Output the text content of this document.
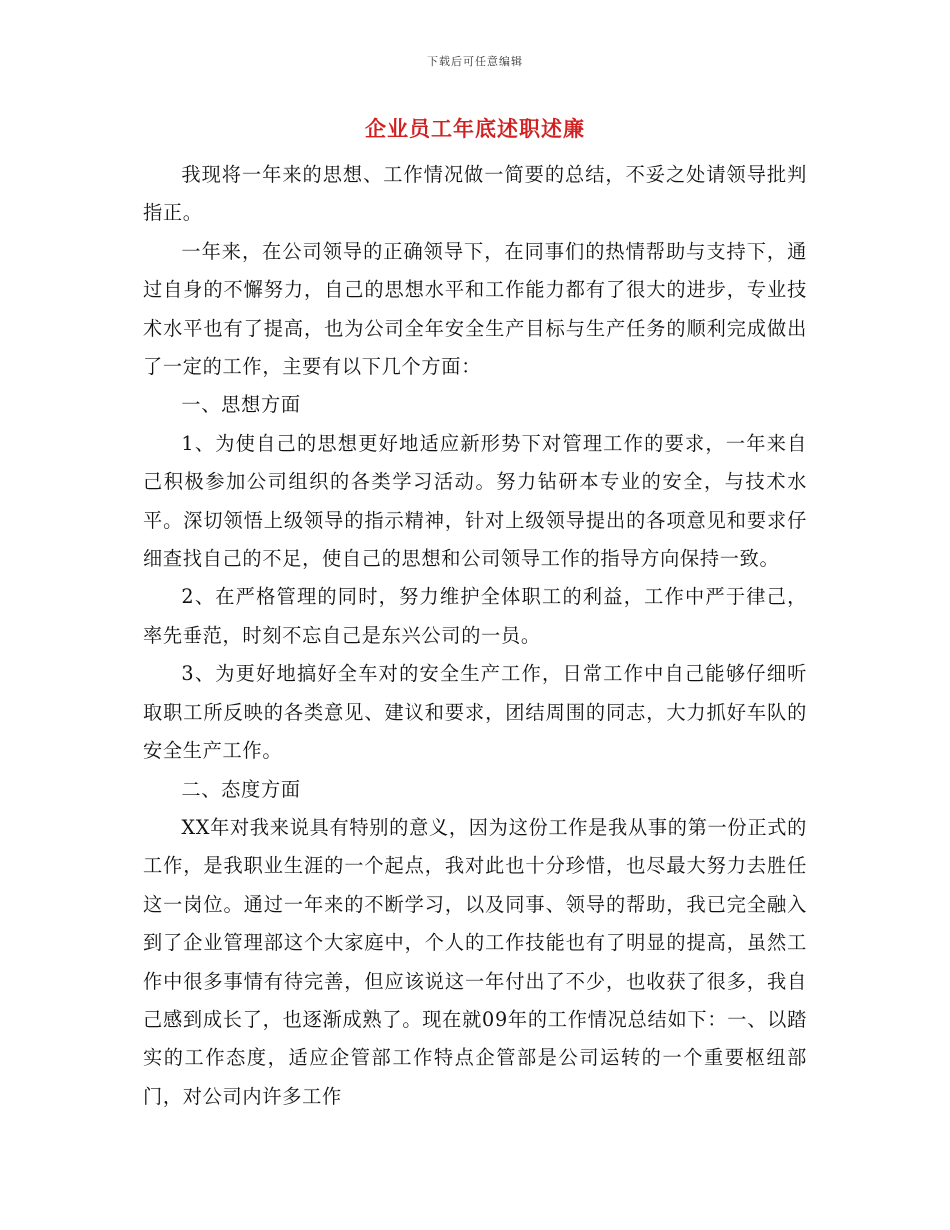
下载后可任意编辑
企业员工年底述职述廉

我现将一年来的思想、工作情况做一简要的总结，不妥之处请领导批判指正。

一年来，在公司领导的正确领导下，在同事们的热情帮助与支持下，通过自身的不懈努力，自己的思想水平和工作能力都有了很大的进步，专业技术水平也有了提高，也为公司全年安全生产目标与生产任务的顺利完成做出了一定的工作，主要有以下几个方面：

一、思想方面

1、为使自己的思想更好地适应新形势下对管理工作的要求，一年来自己积极参加公司组织的各类学习活动。努力钻研本专业的安全，与技术水平。深切领悟上级领导的指示精神，针对上级领导提出的各项意见和要求仔细查找自己的不足，使自己的思想和公司领导工作的指导方向保持一致。

2、在严格管理的同时，努力维护全体职工的利益，工作中严于律己，率先垂范，时刻不忘自己是东兴公司的一员。

3、为更好地搞好全车对的安全生产工作，日常工作中自己能够仔细听取职工所反映的各类意见、建议和要求，团结周围的同志，大力抓好车队的安全生产工作。

二、态度方面

XX年对我来说具有特别的意义，因为这份工作是我从事的第一份正式的工作，是我职业生涯的一个起点，我对此也十分珍惜，也尽最大努力去胜任这一岗位。通过一年来的不断学习，以及同事、领导的帮助，我已完全融入到了企业管理部这个大家庭中，个人的工作技能也有了明显的提高，虽然工作中很多事情有待完善，但应该说这一年付出了不少，也收获了很多，我自己感到成长了，也逐渐成熟了。现在就09年的工作情况总结如下：一、以踏实的工作态度，适应企管部工作特点企管部是公司运转的一个重要枢纽部门，对公司内许多工作
